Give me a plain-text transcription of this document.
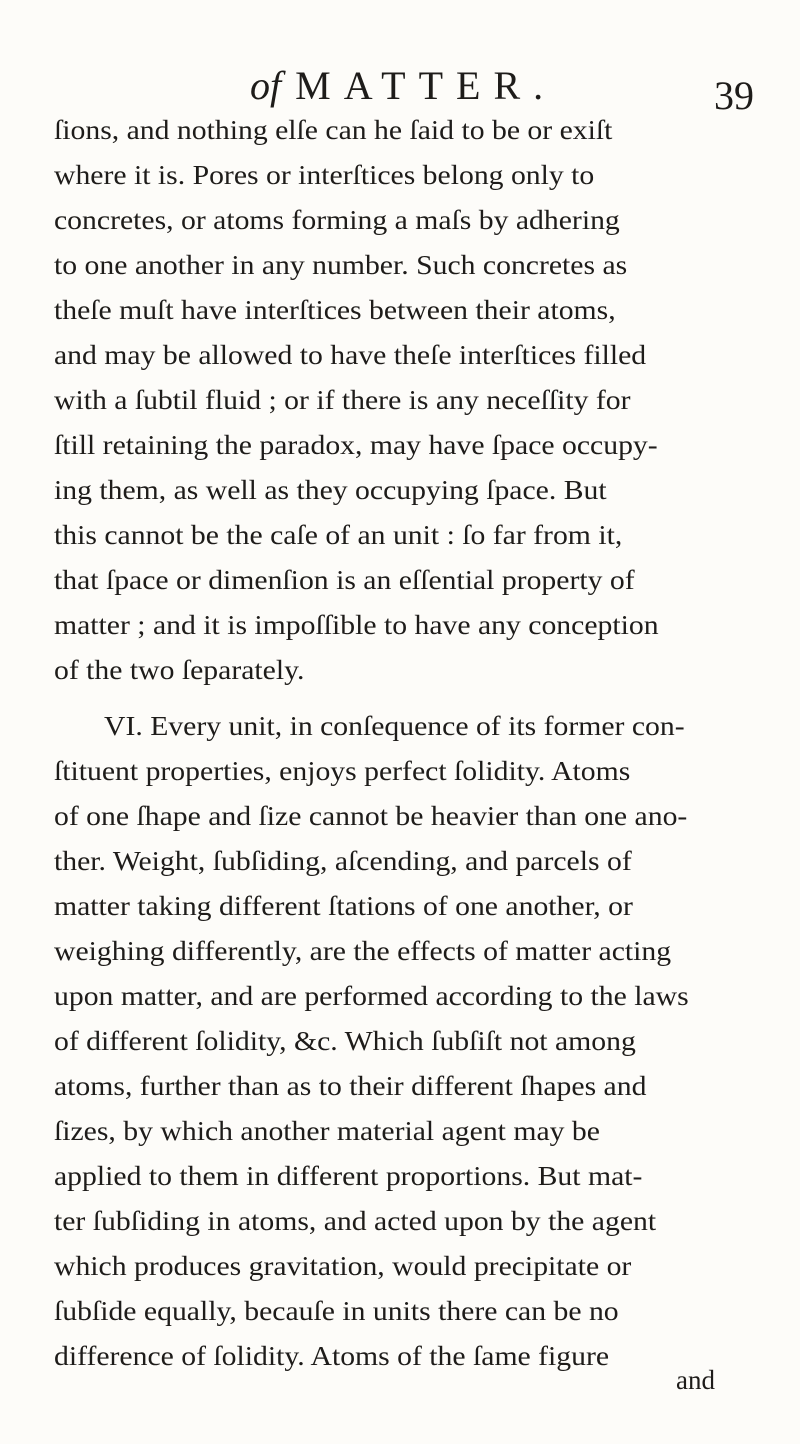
of MATTER.	39
ſions, and nothing elſe can he ſaid to be or exiſt
where it is. Pores or interſtices belong only to
concretes, or atoms forming a maſs by adhering
to one another in any number. Such concretes as
theſe muſt have interſtices between their atoms,
and may be allowed to have theſe interſtices filled
with a ſubtil fluid ; or if there is any neceſſity for
ſtill retaining the paradox, may have ſpace occupy-
ing them, as well as they occupying ſpace. But
this cannot be the caſe of an unit : ſo far from it,
that ſpace or dimenſion is an eſſential property of
matter ; and it is impoſſible to have any conception
of the two ſeparately.
VI. Every unit, in conſequence of its former con-
ſtituent properties, enjoys perfect ſolidity. Atoms
of one ſhape and ſize cannot be heavier than one ano-
ther. Weight, ſubſiding, aſcending, and parcels of
matter taking different ſtations of one another, or
weighing differently, are the effects of matter acting
upon matter, and are performed according to the laws
of different ſolidity, &c. Which ſubſiſt not among
atoms, further than as to their different ſhapes and
ſizes, by which another material agent may be
applied to them in different proportions. But mat-
ter ſubſiding in atoms, and acted upon by the agent
which produces gravitation, would precipitate or
ſubſide equally, becauſe in units there can be no
difference of ſolidity. Atoms of the ſame figure
and
